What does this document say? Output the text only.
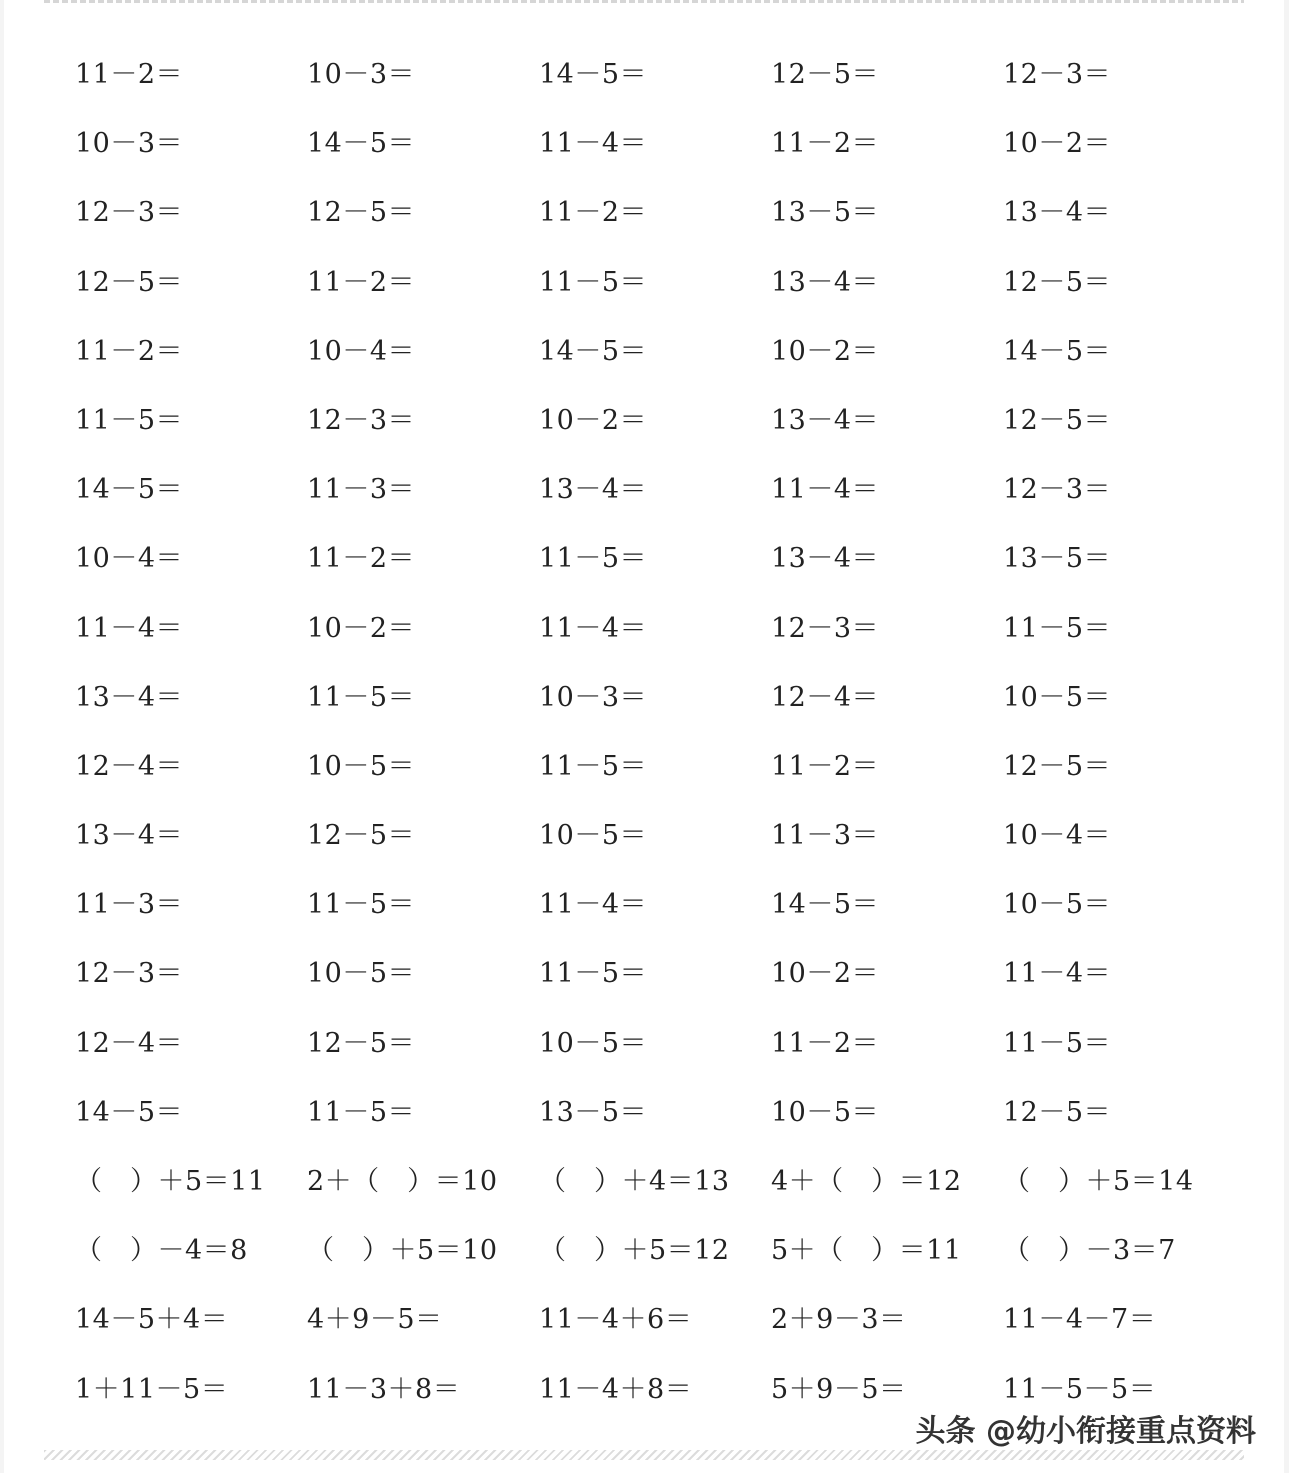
11－2＝	10－3＝	14－5＝	12－5＝	12－3＝
10－3＝	14－5＝	11－4＝	11－2＝	10－2＝
12－3＝	12－5＝	11－2＝	13－5＝	13－4＝
12－5＝	11－2＝	11－5＝	13－4＝	12－5＝
11－2＝	10－4＝	14－5＝	10－2＝	14－5＝
11－5＝	12－3＝	10－2＝	13－4＝	12－5＝
14－5＝	11－3＝	13－4＝	11－4＝	12－3＝
10－4＝	11－2＝	11－5＝	13－4＝	13－5＝
11－4＝	10－2＝	11－4＝	12－3＝	11－5＝
13－4＝	11－5＝	10－3＝	12－4＝	10－5＝
12－4＝	10－5＝	11－5＝	11－2＝	12－5＝
13－4＝	12－5＝	10－5＝	11－3＝	10－4＝
11－3＝	11－5＝	11－4＝	14－5＝	10－5＝
12－3＝	10－5＝	11－5＝	10－2＝	11－4＝
12－4＝	12－5＝	10－5＝	11－2＝	11－5＝
14－5＝	11－5＝	13－5＝	10－5＝	12－5＝
（　）＋5＝11	2＋（　）＝10	（　）＋4＝13	4＋（　）＝12	（　）＋5＝14
（　）－4＝8	（　）＋5＝10	（　）＋5＝12	5＋（　）＝11	（　）－3＝7
14－5＋4＝	4＋9－5＝	11－4＋6＝	2＋9－3＝	11－4－7＝
1＋11－5＝	11－3＋8＝	11－4＋8＝	5＋9－5＝	11－5－5＝
头条 @幼小衔接重点资料
